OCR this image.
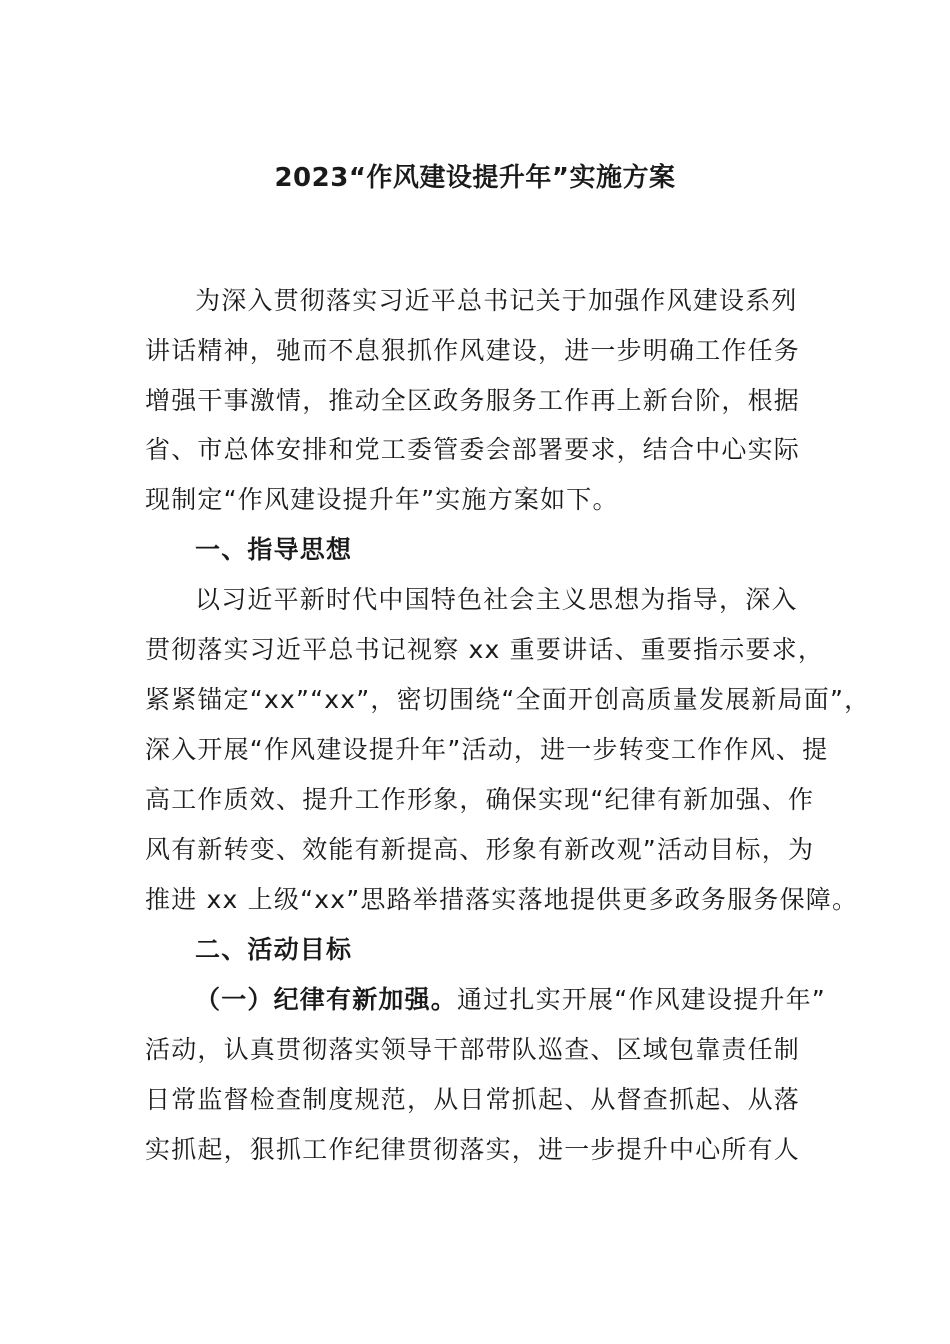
2023“作风建设提升年”实施方案
为深入贯彻落实习近平总书记关于加强作风建设系列
讲话精神，驰而不息狠抓作风建设，进一步明确工作任务
增强干事激情，推动全区政务服务工作再上新台阶，根据
省、市总体安排和党工委管委会部署要求，结合中心实际
现制定“作风建设提升年”实施方案如下。
一、指导思想
以习近平新时代中国特色社会主义思想为指导，深入
贯彻落实习近平总书记视察 xx 重要讲话、重要指示要求，
紧紧锚定“xx”“xx”，密切围绕“全面开创高质量发展新局面”，
深入开展“作风建设提升年”活动，进一步转变工作作风、提
高工作质效、提升工作形象，确保实现“纪律有新加强、作
风有新转变、效能有新提高、形象有新改观”活动目标，为
推进 xx 上级“xx”思路举措落实落地提供更多政务服务保障。
二、活动目标
（一）纪律有新加强。通过扎实开展“作风建设提升年”
活动，认真贯彻落实领导干部带队巡查、区域包靠责任制
日常监督检查制度规范，从日常抓起、从督查抓起、从落
实抓起，狠抓工作纪律贯彻落实，进一步提升中心所有人
